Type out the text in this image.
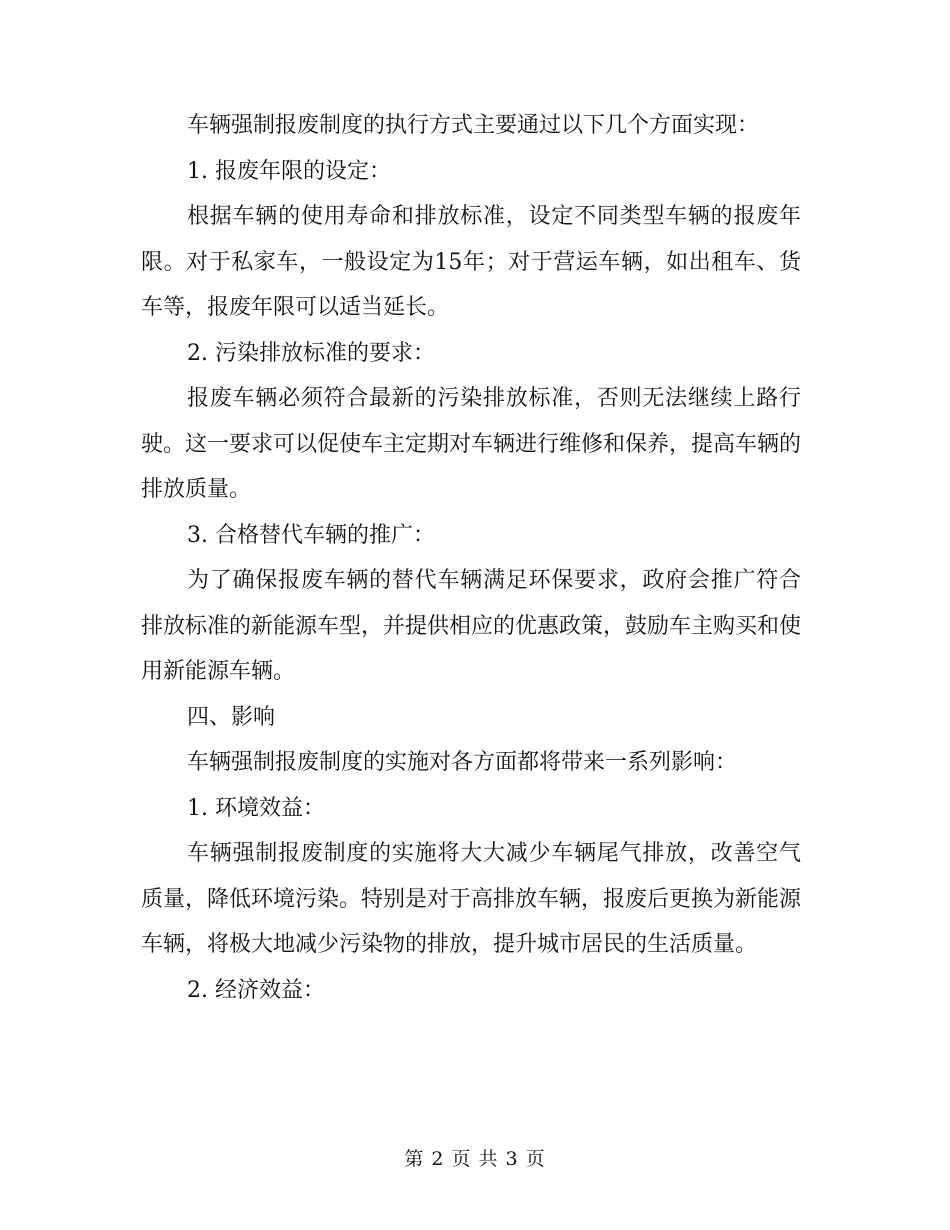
车辆强制报废制度的执行方式主要通过以下几个方面实现：

1. 报废年限的设定：

根据车辆的使用寿命和排放标准，设定不同类型车辆的报废年限。对于私家车，一般设定为15年；对于营运车辆，如出租车、货车等，报废年限可以适当延长。

2. 污染排放标准的要求：

报废车辆必须符合最新的污染排放标准，否则无法继续上路行驶。这一要求可以促使车主定期对车辆进行维修和保养，提高车辆的排放质量。

3. 合格替代车辆的推广：

为了确保报废车辆的替代车辆满足环保要求，政府会推广符合排放标准的新能源车型，并提供相应的优惠政策，鼓励车主购买和使用新能源车辆。

四、影响

车辆强制报废制度的实施对各方面都将带来一系列影响：

1. 环境效益：

车辆强制报废制度的实施将大大减少车辆尾气排放，改善空气质量，降低环境污染。特别是对于高排放车辆，报废后更换为新能源车辆，将极大地减少污染物的排放，提升城市居民的生活质量。

2. 经济效益：

第 2 页 共 3 页
